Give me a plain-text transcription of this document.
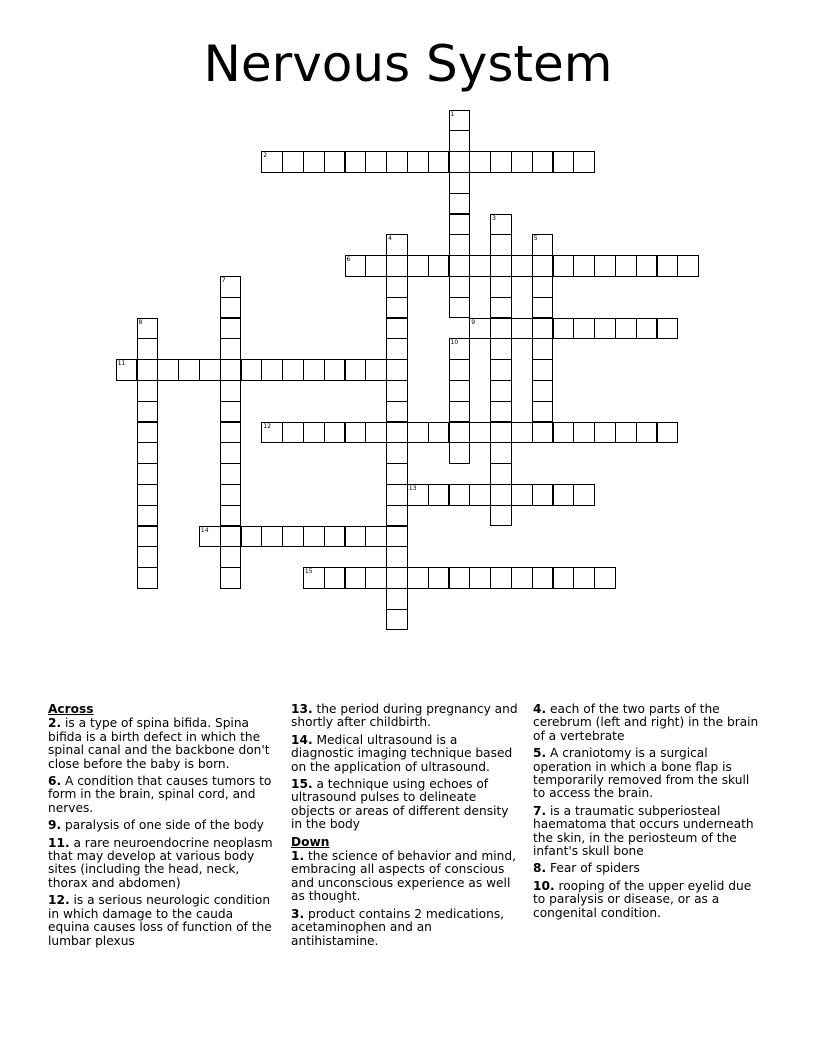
Nervous System
1
2
3
4	5
6
7
8	9
10
11
12
13
14
15
Across

2. is a type of spina bifida. Spina bifida is a birth defect in which the spinal canal and the backbone don't close before the baby is born.

6. A condition that causes tumors to form in the brain, spinal cord, and nerves.

9. paralysis of one side of the body

11. a rare neuroendocrine neoplasm that may develop at various body sites (including the head, neck, thorax and abdomen)

12. is a serious neurologic condition in which damage to the cauda equina causes loss of function of the lumbar plexus

13. the period during pregnancy and shortly after childbirth.

14. Medical ultrasound is a diagnostic imaging technique based on the application of ultrasound.

15. a technique using echoes of ultrasound pulses to delineate objects or areas of different density in the body

Down

1. the science of behavior and mind, embracing all aspects of conscious and unconscious experience as well as thought.

3. product contains 2 medications, acetaminophen and an antihistamine.

4. each of the two parts of the cerebrum (left and right) in the brain of a vertebrate

5. A craniotomy is a surgical operation in which a bone flap is temporarily removed from the skull to access the brain.

7. is a traumatic subperiosteal haematoma that occurs underneath the skin, in the periosteum of the infant's skull bone

8. Fear of spiders

10. rooping of the upper eyelid due to paralysis or disease, or as a congenital condition.
